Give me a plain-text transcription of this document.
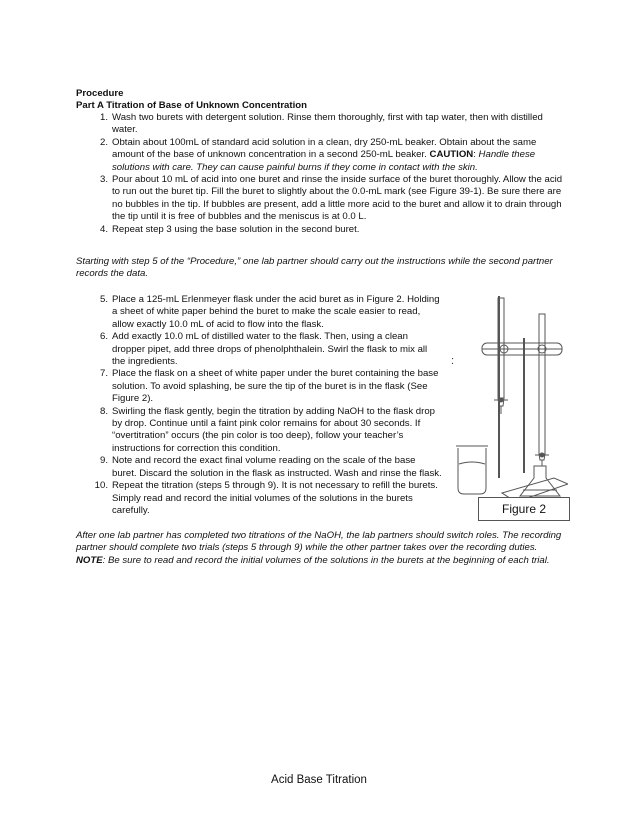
Procedure
Part A Titration of Base of Unknown Concentration
1. Wash two burets with detergent solution. Rinse them thoroughly, first with tap water, then with distilled water.
2. Obtain about 100mL of standard acid solution in a clean, dry 250-mL beaker. Obtain about the same amount of the base of unknown concentration in a second 250-mL beaker. CAUTION: Handle these solutions with care. They can cause painful burns if they come in contact with the skin.
3. Pour about 10 mL of acid into one buret and rinse the inside surface of the buret thoroughly. Allow the acid to run out the buret tip. Fill the buret to slightly about the 0.0-mL mark (see Figure 39-1). Be sure there are no bubbles in the tip. If bubbles are present, add a little more acid to the buret and allow it to drain through the tip until it is free of bubbles and the meniscus is at 0.0 L.
4. Repeat step 3 using the base solution in the second buret.
Starting with step 5 of the “Procedure,” one lab partner should carry out the instructions while the second partner records the data.
5. Place a 125-mL Erlenmeyer flask under the acid buret as in Figure 2. Holding a sheet of white paper behind the buret to make the scale easier to read, allow exactly 10.0 mL of acid to flow into the flask.
6. Add exactly 10.0 mL of distilled water to the flask. Then, using a clean dropper pipet, add three drops of phenolphthalein. Swirl the flask to mix all the ingredients.
7. Place the flask on a sheet of white paper under the buret containing the base solution. To avoid splashing, be sure the tip of the buret is in the flask (See Figure 2).
8. Swirling the flask gently, begin the titration by adding NaOH to the flask drop by drop. Continue until a faint pink color remains for about 30 seconds. If “overtitration” occurs (the pin color is too deep), follow your teacher’s instructions for correction this condition.
9. Note and record the exact final volume reading on the scale of the base buret. Discard the solution in the flask as instructed. Wash and rinse the flask.
10. Repeat the titration (steps 5 through 9). It is not necessary to refill the burets. Simply read and record the initial volumes of the solutions in the burets carefully.
:
Figure 2
After one lab partner has completed two titrations of the NaOH, the lab partners should switch roles. The recording partner should complete two trials (steps 5 through 9) while the other partner takes over the recording duties. NOTE: Be sure to read and record the initial volumes of the solutions in the burets at the beginning of each trial.
Acid Base Titration
